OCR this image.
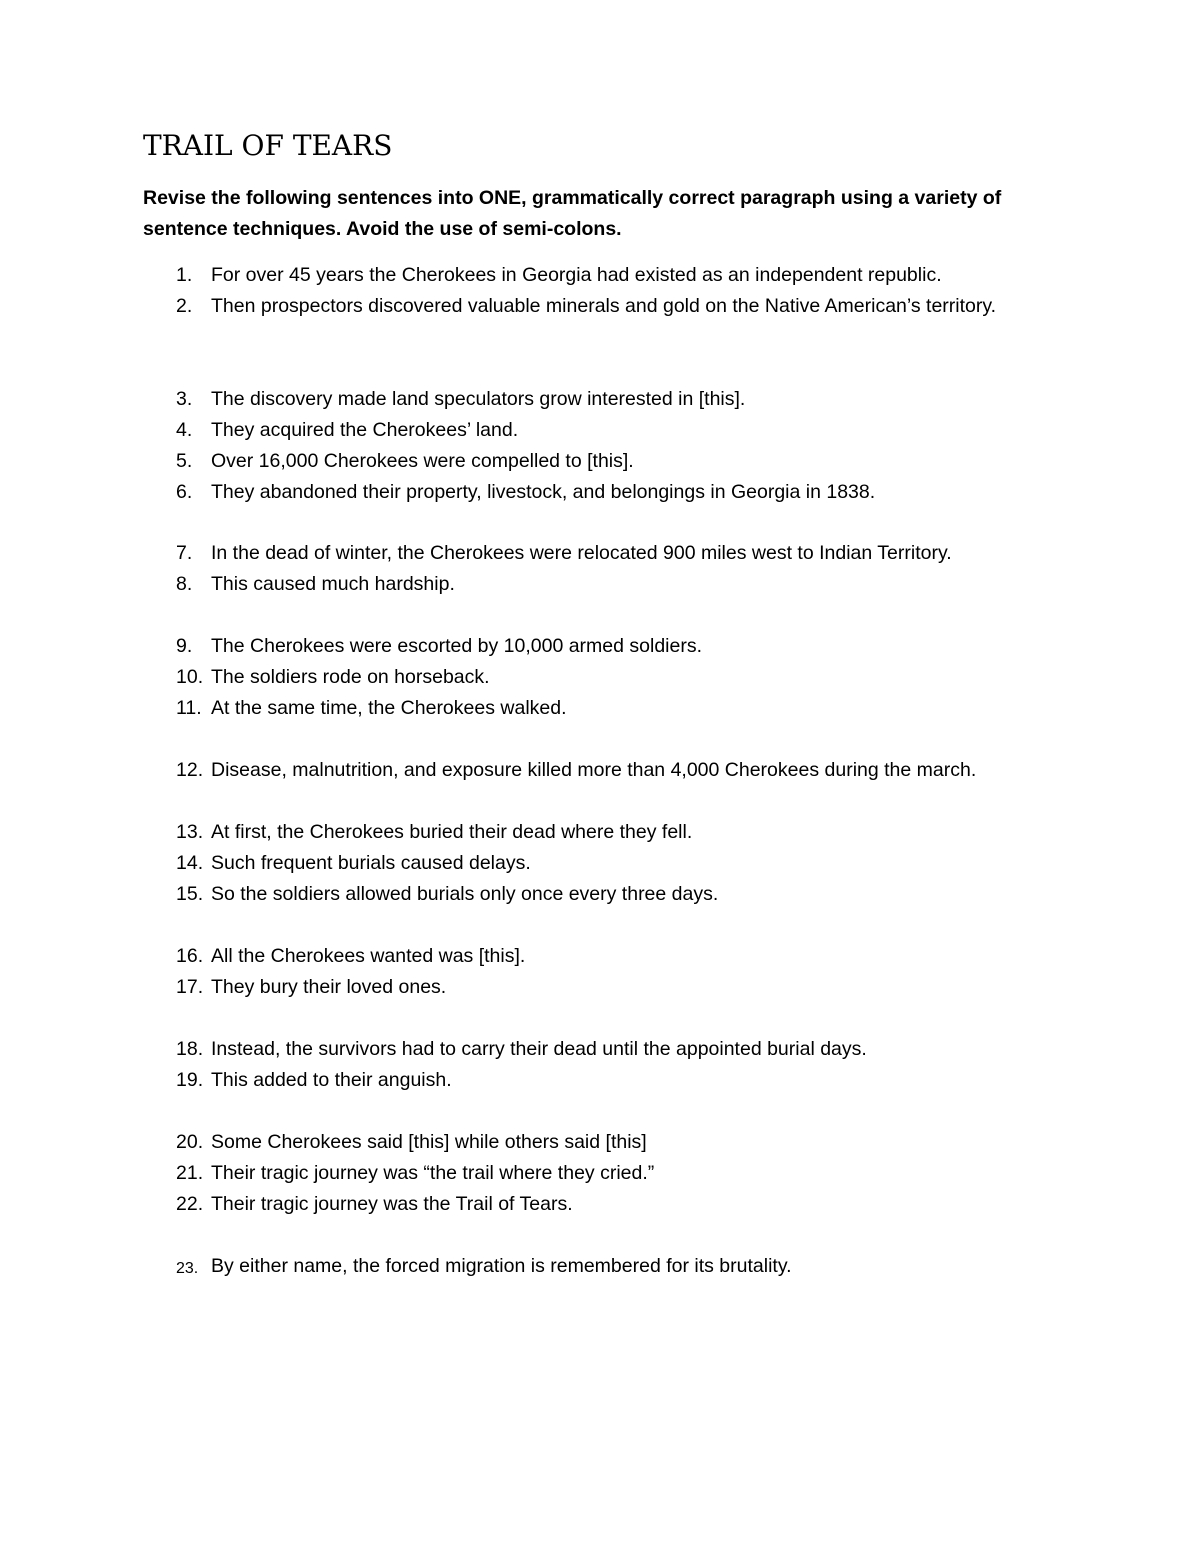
TRAIL OF TEARS

Revise the following sentences into ONE, grammatically correct paragraph using a variety of sentence techniques. Avoid the use of semi-colons.

1. For over 45 years the Cherokees in Georgia had existed as an independent republic.
2. Then prospectors discovered valuable minerals and gold on the Native American’s territory.
3. The discovery made land speculators grow interested in [this].
4. They acquired the Cherokees’ land.
5. Over 16,000 Cherokees were compelled to [this].
6. They abandoned their property, livestock, and belongings in Georgia in 1838.
7. In the dead of winter, the Cherokees were relocated 900 miles west to Indian Territory.
8. This caused much hardship.
9. The Cherokees were escorted by 10,000 armed soldiers.
10. The soldiers rode on horseback.
11. At the same time, the Cherokees walked.
12. Disease, malnutrition, and exposure killed more than 4,000 Cherokees during the march.
13. At first, the Cherokees buried their dead where they fell.
14. Such frequent burials caused delays.
15. So the soldiers allowed burials only once every three days.
16. All the Cherokees wanted was [this].
17. They bury their loved ones.
18. Instead, the survivors had to carry their dead until the appointed burial days.
19. This added to their anguish.
20. Some Cherokees said [this] while others said [this]
21. Their tragic journey was “the trail where they cried.”
22. Their tragic journey was the Trail of Tears.
23. By either name, the forced migration is remembered for its brutality.
